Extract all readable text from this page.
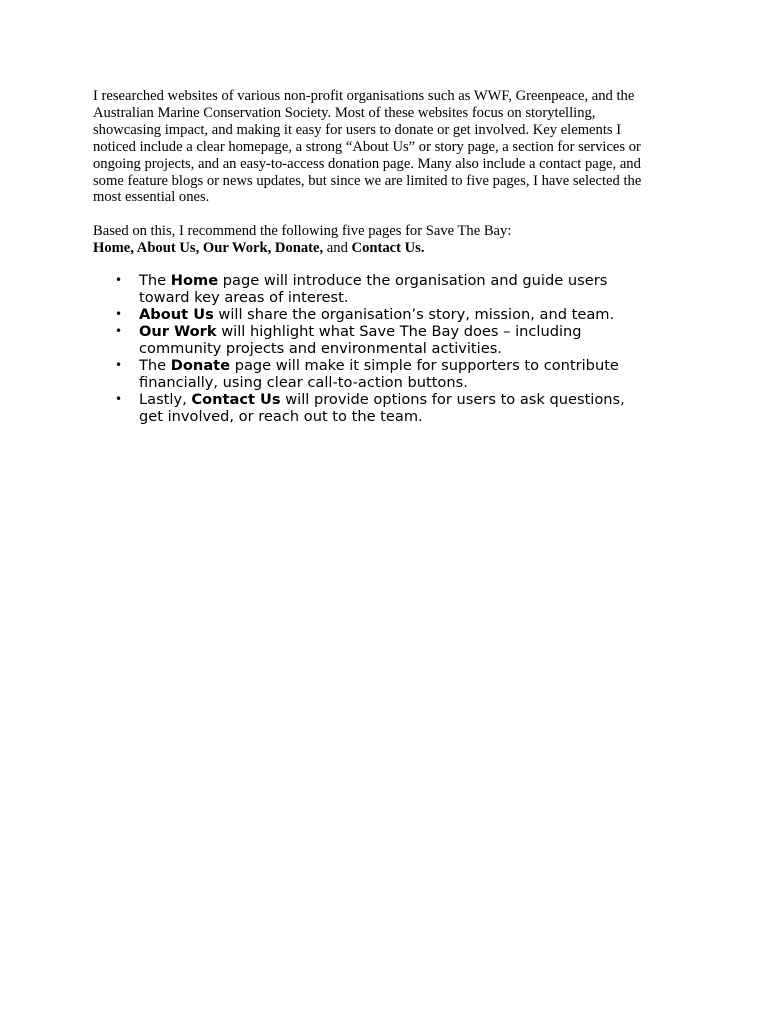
I researched websites of various non-profit organisations such as WWF, Greenpeace, and the
Australian Marine Conservation Society. Most of these websites focus on storytelling,
showcasing impact, and making it easy for users to donate or get involved. Key elements I
noticed include a clear homepage, a strong “About Us” or story page, a section for services or
ongoing projects, and an easy-to-access donation page. Many also include a contact page, and
some feature blogs or news updates, but since we are limited to five pages, I have selected the
most essential ones.

Based on this, I recommend the following five pages for Save The Bay:
Home, About Us, Our Work, Donate, and Contact Us.

• The Home page will introduce the organisation and guide users
toward key areas of interest.
• About Us will share the organisation’s story, mission, and team.
• Our Work will highlight what Save The Bay does – including
community projects and environmental activities.
• The Donate page will make it simple for supporters to contribute
financially, using clear call-to-action buttons.
• Lastly, Contact Us will provide options for users to ask questions,
get involved, or reach out to the team.
